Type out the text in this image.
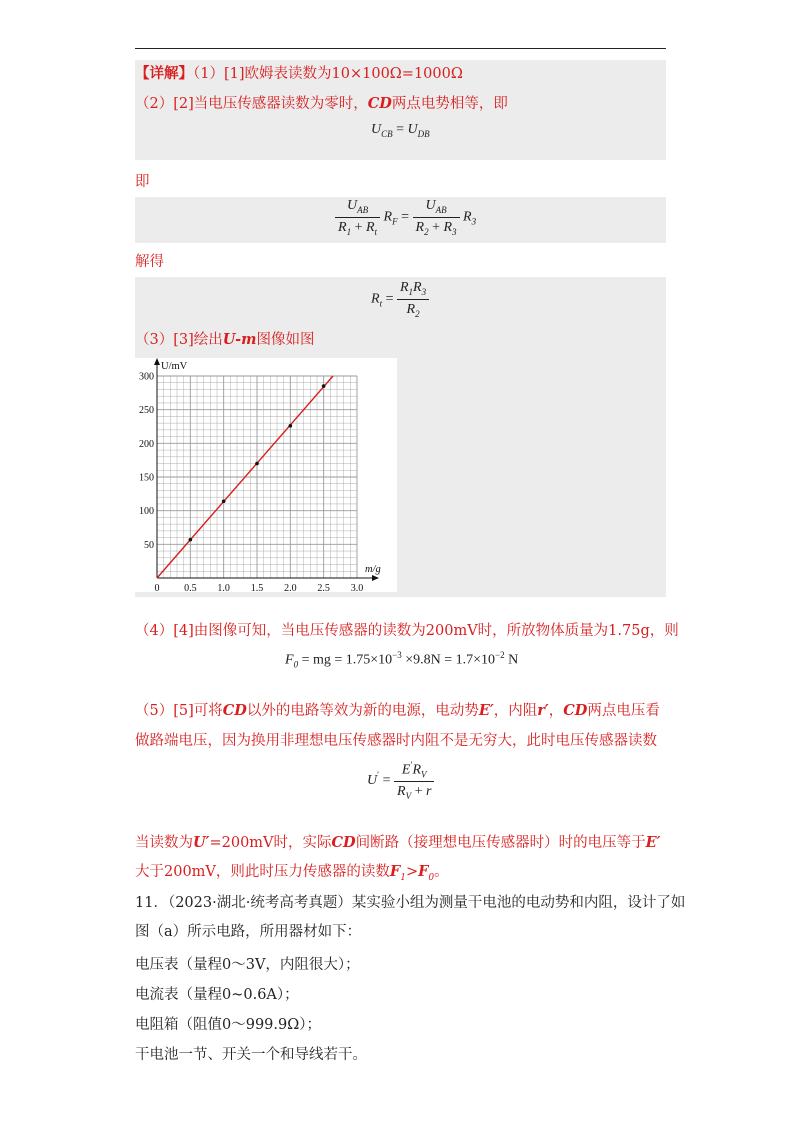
【详解】（1）[1]欧姆表读数为10×100Ω=1000Ω
（2）[2]当电压传感器读数为零时，CD两点电势相等，即
$U_{CB} = U_{DB}$
即
$\frac{U_{AB}}{R_1 + R_t} R_F = \frac{U_{AB}}{R_2 + R_3} R_3$
解得
$R_t = \frac{R_1R_3}{R_2}$
（3）[3]绘出U-m图像如图
0 0.5 1.0 1.5 2.0 2.5 3.0
50
100
150
200
250
300
U/mV
m/g
（4）[4]由图像可知，当电压传感器的读数为200mV时，所放物体质量为1.75g，则
$F_0$ = mg = $1.75\times 10^{-3} \times 9.8N = 1.7\times 10^{-2}$ N
（5）[5]可将CD以外的电路等效为新的电源，电动势E′，内阻r′，CD两点电压看
做路端电压，因为换用非理想电压传感器时内阻不是无穷大，此时电压传感器读数
$U' = \frac{E'R_V}{R_V + r}$
当读数为U′=200mV时，实际CD间断路（接理想电压传感器时）时的电压等于E′
大于200mV，则此时压力传感器的读数$F_1>F_0$。
11．（2023·湖北·统考高考真题）某实验小组为测量干电池的电动势和内阻，设计了如
图（a）所示电路，所用器材如下：
电压表（量程0～3V，内阻很大）；
电流表（量程0~0.6A）；
电阻箱（阻值0～999.9Ω）；
干电池一节、开关一个和导线若干。
